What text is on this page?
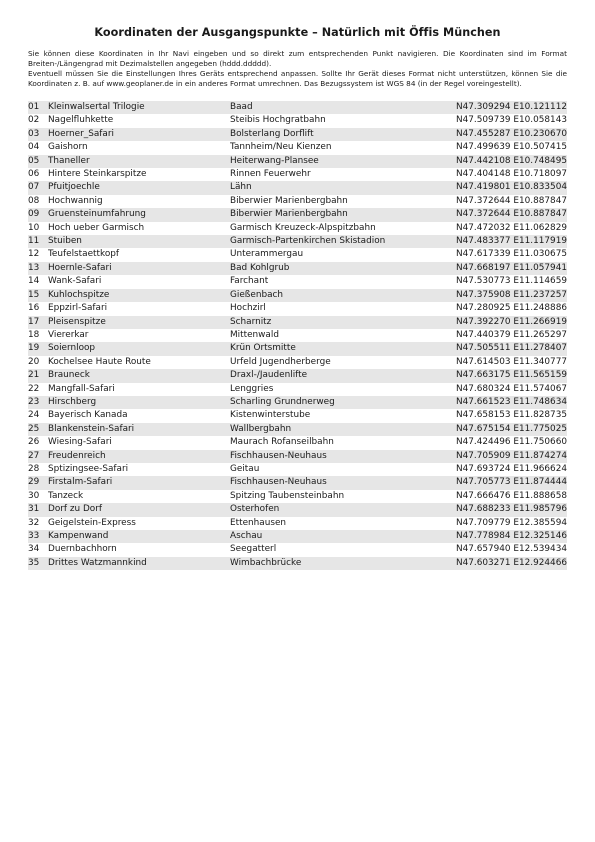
Koordinaten der Ausgangspunkte – Natürlich mit Öffis München

Sie können diese Koordinaten in Ihr Navi eingeben und so direkt zum entsprechenden Punkt navigieren. Die Koordinaten sind im Format Breiten-/Längengrad mit Dezimalstellen angegeben (hddd.ddddd).

Eventuell müssen Sie die Einstellungen Ihres Geräts entsprechend anpassen. Sollte Ihr Gerät dieses Format nicht unterstützen, können Sie die Koordinaten z. B. auf www.geoplaner.de in ein anderes Format umrechnen. Das Bezugssystem ist WGS 84 (in der Regel voreingestellt).

01	Kleinwalsertal Trilogie	Baad	N47.309294 E10.121112
02	Nagelfluhkette	Steibis Hochgratbahn	N47.509739 E10.058143
03	Hoerner_Safari	Bolsterlang Dorflift	N47.455287 E10.230670
04	Gaishorn	Tannheim/Neu Kienzen	N47.499639 E10.507415
05	Thaneller	Heiterwang-Plansee	N47.442108 E10.748495
06	Hintere Steinkarspitze	Rinnen Feuerwehr	N47.404148 E10.718097
07	Pfuitjoechle	Lähn	N47.419801 E10.833504
08	Hochwannig	Biberwier Marienbergbahn	N47.372644 E10.887847
09	Gruensteinumfahrung	Biberwier Marienbergbahn	N47.372644 E10.887847
10	Hoch ueber Garmisch	Garmisch Kreuzeck-Alpspitzbahn	N47.472032 E11.062829
11	Stuiben	Garmisch-Partenkirchen Skistadion	N47.483377 E11.117919
12	Teufelstaettkopf	Unterammergau	N47.617339 E11.030675
13	Hoernle-Safari	Bad Kohlgrub	N47.668197 E11.057941
14	Wank-Safari	Farchant	N47.530773 E11.114659
15	Kuhlochspitze	Gießenbach	N47.375908 E11.237257
16	Eppzirl-Safari	Hochzirl	N47.280925 E11.248886
17	Pleisenspitze	Scharnitz	N47.392270 E11.266919
18	Viererkar	Mittenwald	N47.440379 E11.265297
19	Soiernloop	Krün Ortsmitte	N47.505511 E11.278407
20	Kochelsee Haute Route	Urfeld Jugendherberge	N47.614503 E11.340777
21	Brauneck	Draxl-/Jaudenlifte	N47.663175 E11.565159
22	Mangfall-Safari	Lenggries	N47.680324 E11.574067
23	Hirschberg	Scharling Grundnerweg	N47.661523 E11.748634
24	Bayerisch Kanada	Kistenwinterstube	N47.658153 E11.828735
25	Blankenstein-Safari	Wallbergbahn	N47.675154 E11.775025
26	Wiesing-Safari	Maurach Rofanseilbahn	N47.424496 E11.750660
27	Freudenreich	Fischhausen-Neuhaus	N47.705909 E11.874274
28	Sptizingsee-Safari	Geitau	N47.693724 E11.966624
29	Firstalm-Safari	Fischhausen-Neuhaus	N47.705773 E11.874444
30	Tanzeck	Spitzing Taubensteinbahn	N47.666476 E11.888658
31	Dorf zu Dorf	Osterhofen	N47.688233 E11.985796
32	Geigelstein-Express	Ettenhausen	N47.709779 E12.385594
33	Kampenwand	Aschau	N47.778984 E12.325146
34	Duernbachhorn	Seegatterl	N47.657940 E12.539434
35	Drittes Watzmannkind	Wimbachbrücke	N47.603271 E12.924466
